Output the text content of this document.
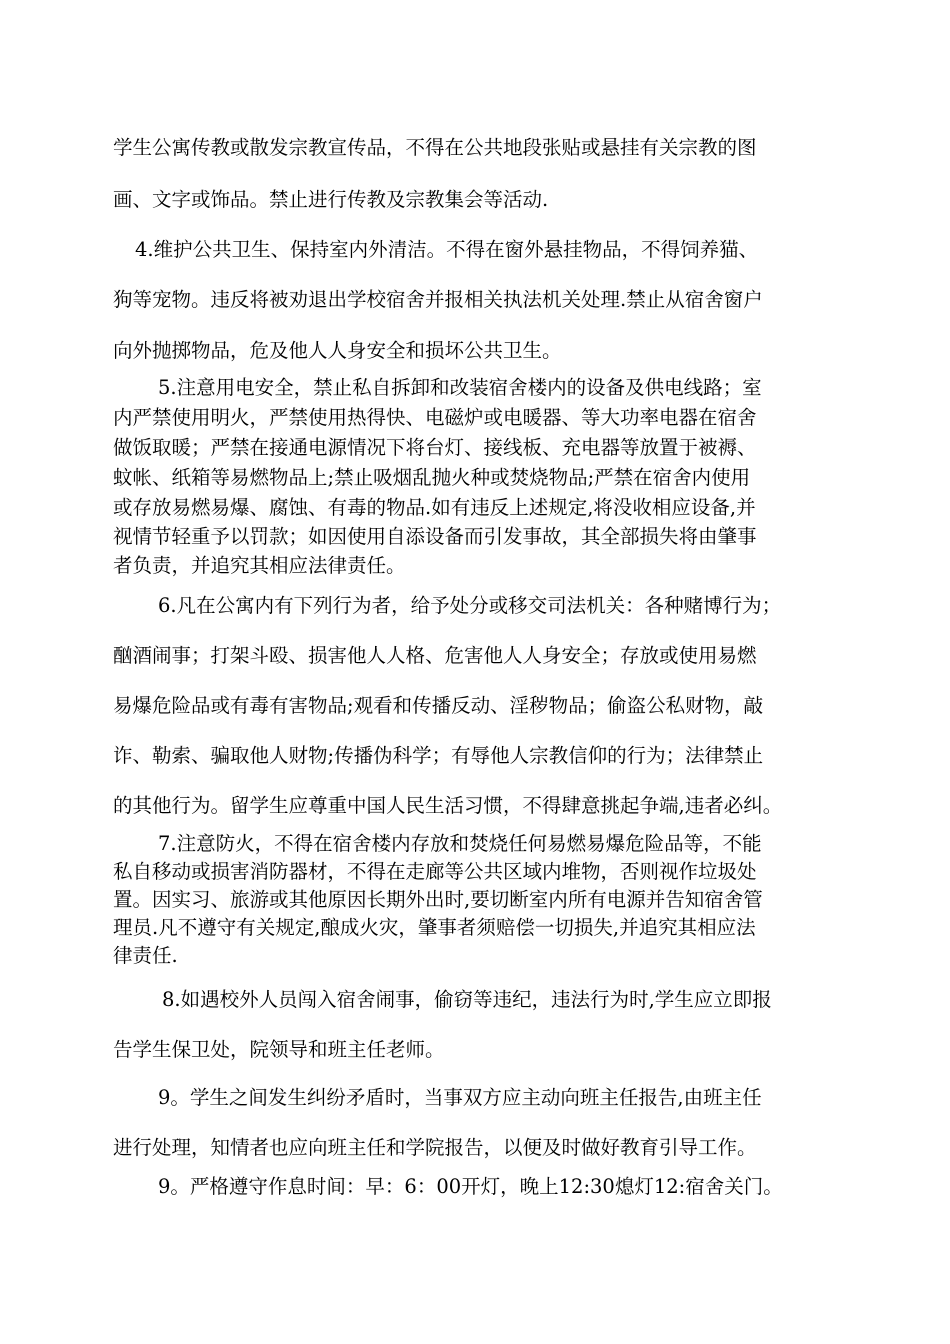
学生公寓传教或散发宗教宣传品，不得在公共地段张贴或悬挂有关宗教的图
画、文字或饰品。禁止进行传教及宗教集会等活动.
4.维护公共卫生、保持室内外清洁。不得在窗外悬挂物品，不得饲养猫、
狗等宠物。违反将被劝退出学校宿舍并报相关执法机关处理.禁止从宿舍窗户
向外抛掷物品，危及他人人身安全和损坏公共卫生。
5.注意用电安全，禁止私自拆卸和改装宿舍楼内的设备及供电线路；室
内严禁使用明火，严禁使用热得快、电磁炉或电暖器、等大功率电器在宿舍
做饭取暖；严禁在接通电源情况下将台灯、接线板、充电器等放置于被褥、
蚊帐、纸箱等易燃物品上;禁止吸烟乱抛火种或焚烧物品;严禁在宿舍内使用
或存放易燃易爆、腐蚀、有毒的物品.如有违反上述规定,将没收相应设备,并
视情节轻重予以罚款；如因使用自添设备而引发事故，其全部损失将由肇事
者负责，并追究其相应法律责任。
6.凡在公寓内有下列行为者，给予处分或移交司法机关：各种赌博行为；
酗酒闹事；打架斗殴、损害他人人格、危害他人人身安全；存放或使用易燃
易爆危险品或有毒有害物品;观看和传播反动、淫秽物品；偷盗公私财物，敲
诈、勒索、骗取他人财物;传播伪科学；有辱他人宗教信仰的行为；法律禁止
的其他行为。留学生应尊重中国人民生活习惯，不得肆意挑起争端,违者必纠。
7.注意防火，不得在宿舍楼内存放和焚烧任何易燃易爆危险品等，不能
私自移动或损害消防器材，不得在走廊等公共区域内堆物，否则视作垃圾处
置。因实习、旅游或其他原因长期外出时,要切断室内所有电源并告知宿舍管
理员.凡不遵守有关规定,酿成火灾，肇事者须赔偿一切损失,并追究其相应法
律责任.
8.如遇校外人员闯入宿舍闹事，偷窃等违纪，违法行为时,学生应立即报
告学生保卫处，院领导和班主任老师。
9。学生之间发生纠纷矛盾时，当事双方应主动向班主任报告,由班主任
进行处理，知情者也应向班主任和学院报告，以便及时做好教育引导工作。
9。严格遵守作息时间：早：6：00开灯，晚上12:30熄灯12:宿舍关门。
